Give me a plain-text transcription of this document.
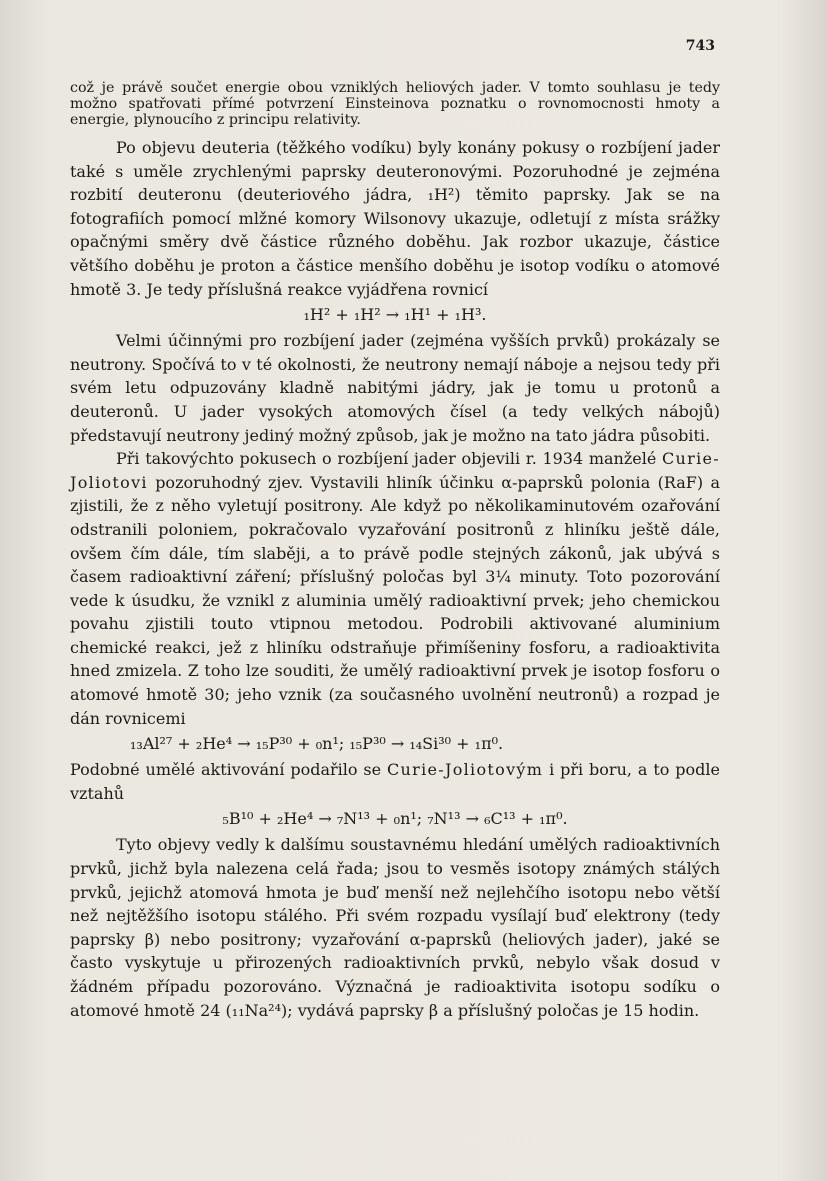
743

což je právě součet energie obou vzniklých heliových jader. V tomto souhlasu je tedy možno spatřovati přímé potvrzení Einsteinova poznatku o rovnomocnosti hmoty a energie, plynoucího z principu relativity.

Po objevu deuteria (těžkého vodíku) byly konány pokusy o rozbíjení jader také s uměle zrychlenými paprsky deuteronovými. Pozoruhodné je zejména rozbití deuteronu (deuteriového jádra, ₁H²) těmito paprsky. Jak se na fotografiích pomocí mlžné komory Wilsonovy ukazuje, odletují z místa srážky opačnými směry dvě částice různého doběhu. Jak rozbor ukazuje, částice většího doběhu je proton a částice menšího doběhu je isotop vodíku o atomové hmotě 3. Je tedy příslušná reakce vyjádřena rovnicí

₁H² + ₁H² → ₁H¹ + ₁H³.

Velmi účinnými pro rozbíjení jader (zejména vyšších prvků) prokázaly se neutrony. Spočívá to v té okolnosti, že neutrony nemají náboje a nejsou tedy při svém letu odpuzovány kladně nabitými jádry, jak je tomu u protonů a deuteronů. U jader vysokých atomových čísel (a tedy velkých nábojů) představují neutrony jediný možný způsob, jak je možno na tato jádra působiti.

Při takovýchto pokusech o rozbíjení jader objevili r. 1934 manželé Curie-Joliotovi pozoruhodný zjev. Vystavili hliník účinku α-paprsků polonia (RaF) a zjistili, že z něho vyletují positrony. Ale když po několikaminutovém ozařování odstranili poloniem, pokračovalo vyzařování positronů z hliníku ještě dále, ovšem čím dále, tím slaběji, a to právě podle stejných zákonů, jak ubývá s časem radioaktivní záření; příslušný poločas byl 3¼ minuty. Toto pozorování vede k úsudku, že vznikl z aluminia umělý radioaktivní prvek; jeho chemickou povahu zjistili touto vtipnou metodou. Podrobili aktivované aluminium chemické reakci, jež z hliníku odstraňuje přimíšeniny fosforu, a radioaktivita hned zmizela. Z toho lze souditi, že umělý radioaktivní prvek je isotop fosforu o atomové hmotě 30; jeho vznik (za současného uvolnění neutronů) a rozpad je dán rovnicemi

₁₃Al²⁷ + ₂He⁴ → ₁₅P³⁰ + ₀n¹; ₁₅P³⁰ → ₁₄Si³⁰ + ₁π⁰.

Podobné umělé aktivování podařilo se Curie-Joliotovým i při boru, a to podle vztahů

₅B¹⁰ + ₂He⁴ → ₇N¹³ + ₀n¹; ₇N¹³ → ₆C¹³ + ₁π⁰.

Tyto objevy vedly k dalšímu soustavnému hledání umělých radioaktivních prvků, jichž byla nalezena celá řada; jsou to vesměs isotopy známých stálých prvků, jejichž atomová hmota je buď menší než nejlehčího isotopu nebo větší než nejtěžšího isotopu stálého. Při svém rozpadu vysílají buď elektrony (tedy paprsky β) nebo positrony; vyzařování α-paprsků (heliových jader), jaké se často vyskytuje u přirozených radioaktivních prvků, nebylo však dosud v žádném případu pozorováno. Význačná je radioaktivita isotopu sodíku o atomové hmotě 24 (₁₁Na²⁴); vydává paprsky β a příslušný poločas je 15 hodin.
